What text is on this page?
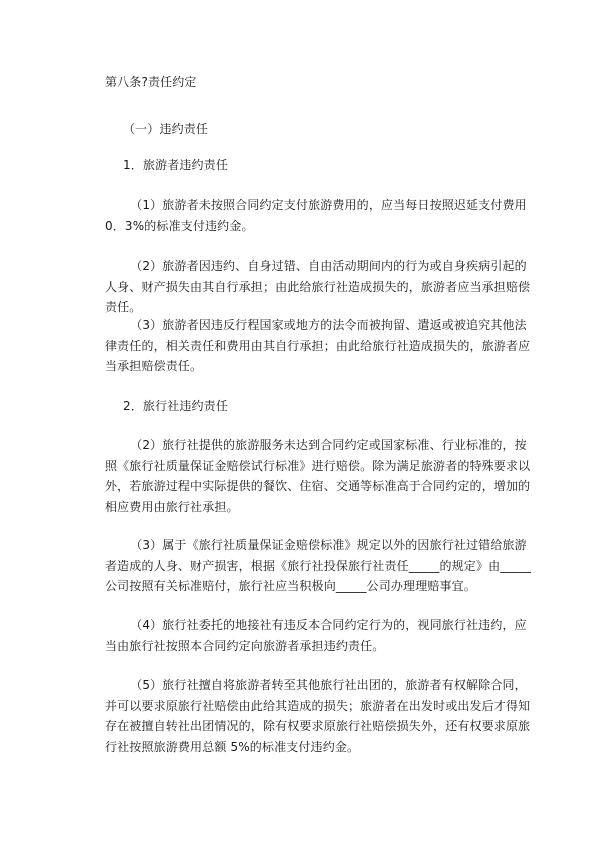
第八条?责任约定

（一）违约责任

1．旅游者违约责任

（1）旅游者未按照合同约定支付旅游费用的，应当每日按照迟延支付费用 0．3%的标准支付违约金。

（2）旅游者因违约、自身过错、自由活动期间内的行为或自身疾病引起的人身、财产损失由其自行承担；由此给旅行社造成损失的，旅游者应当承担赔偿责任。

（3）旅游者因违反行程国家或地方的法令而被拘留、遣返或被追究其他法律责任的，相关责任和费用由其自行承担；由此给旅行社造成损失的，旅游者应当承担赔偿责任。

2．旅行社违约责任

（2）旅行社提供的旅游服务未达到合同约定或国家标准、行业标准的，按照《旅行社质量保证金赔偿试行标准》进行赔偿。除为满足旅游者的特殊要求以外，若旅游过程中实际提供的餐饮、住宿、交通等标准高于合同约定的，增加的相应费用由旅行社承担。

（3）属于《旅行社质量保证金赔偿标准》规定以外的因旅行社过错给旅游者造成的人身、财产损害，根据《旅行社投保旅行社责任_____的规定》由_____公司按照有关标准赔付，旅行社应当积极向_____公司办理理赔事宜。

（4）旅行社委托的地接社有违反本合同约定行为的，视同旅行社违约，应当由旅行社按照本合同约定向旅游者承担违约责任。

（5）旅行社擅自将旅游者转至其他旅行社出团的，旅游者有权解除合同，并可以要求原旅行社赔偿由此给其造成的损失；旅游者在出发时或出发后才得知存在被擅自转社出团情况的，除有权要求原旅行社赔偿损失外，还有权要求原旅行社按照旅游费用总额 5%的标准支付违约金。
